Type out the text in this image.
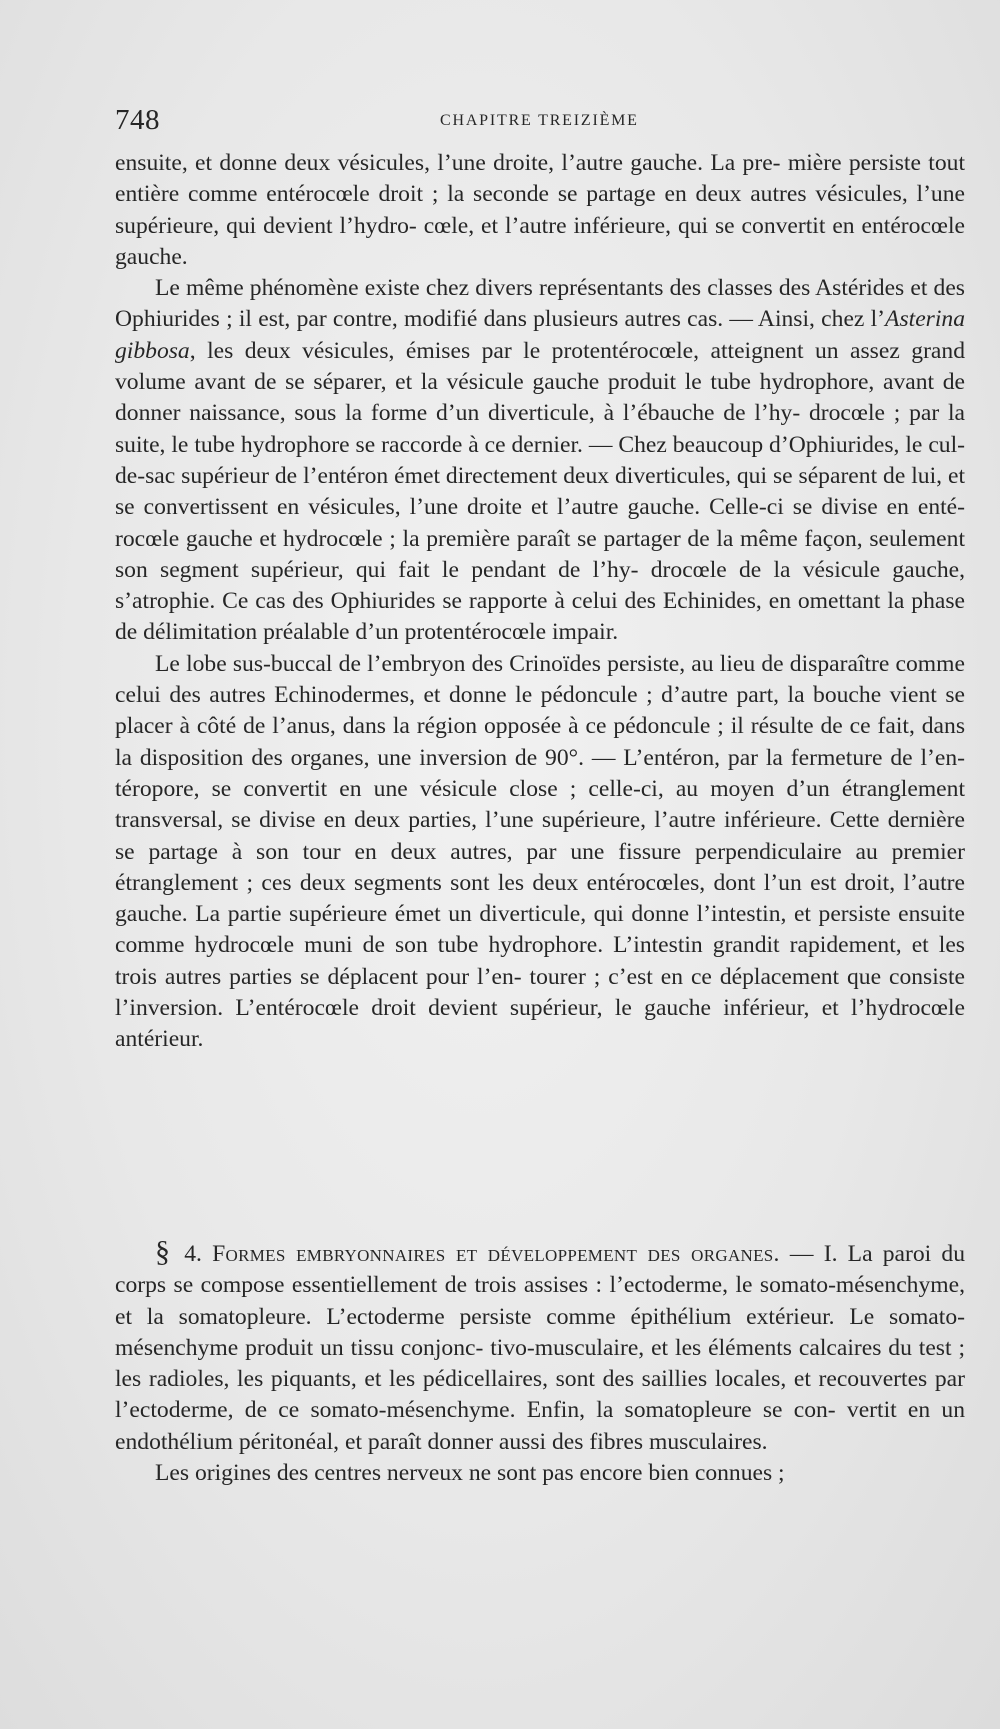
748	CHAPITRE TREIZIÈME

ensuite, et donne deux vésicules, l’une droite, l’autre gauche. La pre- mière persiste tout entière comme entérocœle droit ; la seconde se partage en deux autres vésicules, l’une supérieure, qui devient l’hydro- cœle, et l’autre inférieure, qui se convertit en entérocœle gauche.

Le même phénomène existe chez divers représentants des classes des Astérides et des Ophiurides ; il est, par contre, modifié dans plusieurs autres cas. — Ainsi, chez l’Asterina gibbosa, les deux vésicules, émises par le protentérocœle, atteignent un assez grand volume avant de se séparer, et la vésicule gauche produit le tube hydrophore, avant de donner naissance, sous la forme d’un diverticule, à l’ébauche de l’hy- drocœle ; par la suite, le tube hydrophore se raccorde à ce dernier. — Chez beaucoup d’Ophiurides, le cul-de-sac supérieur de l’entéron émet directement deux diverticules, qui se séparent de lui, et se convertissent en vésicules, l’une droite et l’autre gauche. Celle-ci se divise en enté- rocœle gauche et hydrocœle ; la première paraît se partager de la même façon, seulement son segment supérieur, qui fait le pendant de l’hy- drocœle de la vésicule gauche, s’atrophie. Ce cas des Ophiurides se rapporte à celui des Echinides, en omettant la phase de délimitation préalable d’un protentérocœle impair.

Le lobe sus-buccal de l’embryon des Crinoïdes persiste, au lieu de disparaître comme celui des autres Echinodermes, et donne le pédoncule ; d’autre part, la bouche vient se placer à côté de l’anus, dans la région opposée à ce pédoncule ; il résulte de ce fait, dans la disposition des organes, une inversion de 90°. — L’entéron, par la fermeture de l’en- téropore, se convertit en une vésicule close ; celle-ci, au moyen d’un étranglement transversal, se divise en deux parties, l’une supérieure, l’autre inférieure. Cette dernière se partage à son tour en deux autres, par une fissure perpendiculaire au premier étranglement ; ces deux segments sont les deux entérocœles, dont l’un est droit, l’autre gauche. La partie supérieure émet un diverticule, qui donne l’intestin, et persiste ensuite comme hydrocœle muni de son tube hydrophore. L’intestin grandit rapidement, et les trois autres parties se déplacent pour l’en- tourer ; c’est en ce déplacement que consiste l’inversion. L’entérocœle droit devient supérieur, le gauche inférieur, et l’hydrocœle antérieur.

§ 4. Formes embryonnaires et développement des organes. — I. La paroi du corps se compose essentiellement de trois assises : l’ectoderme, le somato-mésenchyme, et la somatopleure. L’ectoderme persiste comme épithélium extérieur. Le somato-mésenchyme produit un tissu conjonc- tivo-musculaire, et les éléments calcaires du test ; les radioles, les piquants, et les pédicellaires, sont des saillies locales, et recouvertes par l’ectoderme, de ce somato-mésenchyme. Enfin, la somatopleure se con- vertit en un endothélium péritonéal, et paraît donner aussi des fibres musculaires.

Les origines des centres nerveux ne sont pas encore bien connues ;
